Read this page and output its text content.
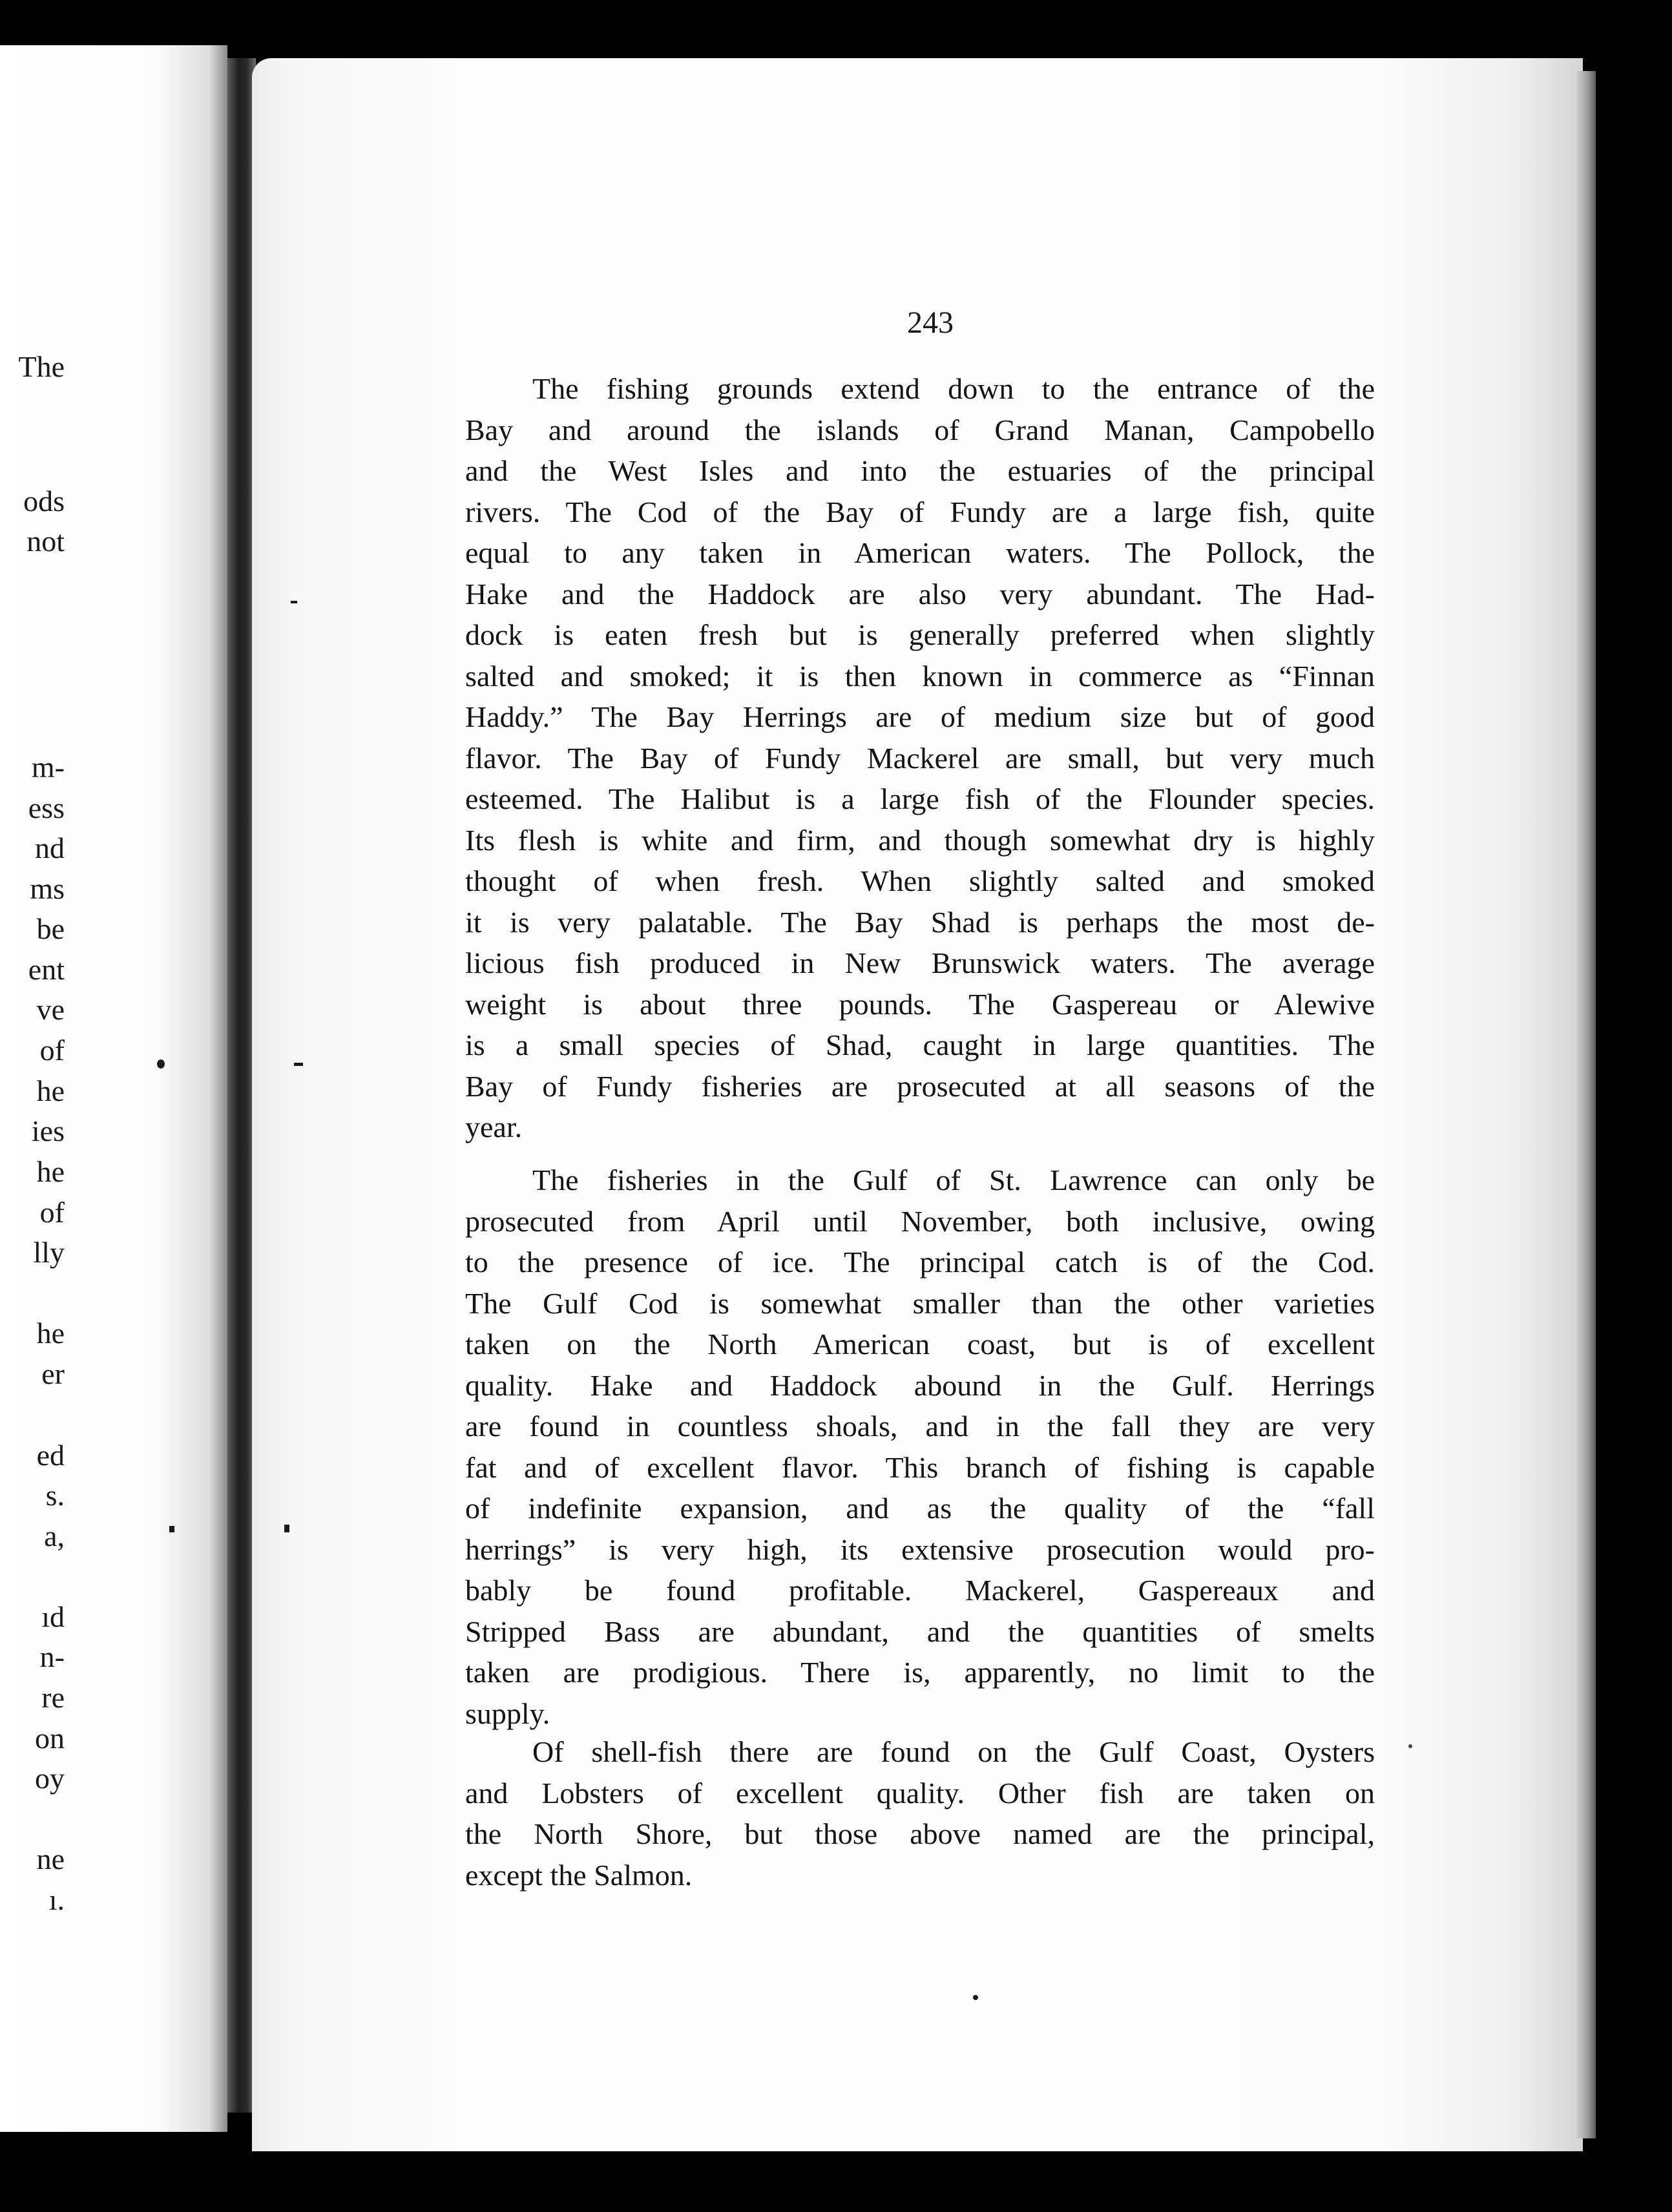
The
ods
not
m-
ess
nd
ms
be
ent
ve
of
he
ies
he
of
lly
he
er
ed
s.
a,
ıd
n-
re
on
oy
ne
ı.
243
The fishing grounds extend down to the entrance of the
Bay and around the islands of Grand Manan, Campobello
and the West Isles and into the estuaries of the principal
rivers. The Cod of the Bay of Fundy are a large fish, quite
equal to any taken in American waters. The Pollock, the
Hake and the Haddock are also very abundant. The Had-
dock is eaten fresh but is generally preferred when slightly
salted and smoked; it is then known in commerce as “Finnan
Haddy.” The Bay Herrings are of medium size but of good
flavor. The Bay of Fundy Mackerel are small, but very much
esteemed. The Halibut is a large fish of the Flounder species.
Its flesh is white and firm, and though somewhat dry is highly
thought of when fresh. When slightly salted and smoked
it is very palatable. The Bay Shad is perhaps the most de-
licious fish produced in New Brunswick waters. The average
weight is about three pounds. The Gaspereau or Alewive
is a small species of Shad, caught in large quantities. The
Bay of Fundy fisheries are prosecuted at all seasons of the
year.
The fisheries in the Gulf of St. Lawrence can only be
prosecuted from April until November, both inclusive, owing
to the presence of ice. The principal catch is of the Cod.
The Gulf Cod is somewhat smaller than the other varieties
taken on the North American coast, but is of excellent
quality. Hake and Haddock abound in the Gulf. Herrings
are found in countless shoals, and in the fall they are very
fat and of excellent flavor. This branch of fishing is capable
of indefinite expansion, and as the quality of the “fall
herrings” is very high, its extensive prosecution would pro-
bably be found profitable. Mackerel, Gaspereaux and
Stripped Bass are abundant, and the quantities of smelts
taken are prodigious. There is, apparently, no limit to the
supply.
Of shell-fish there are found on the Gulf Coast, Oysters
and Lobsters of excellent quality. Other fish are taken on
the North Shore, but those above named are the principal,
except the Salmon.
